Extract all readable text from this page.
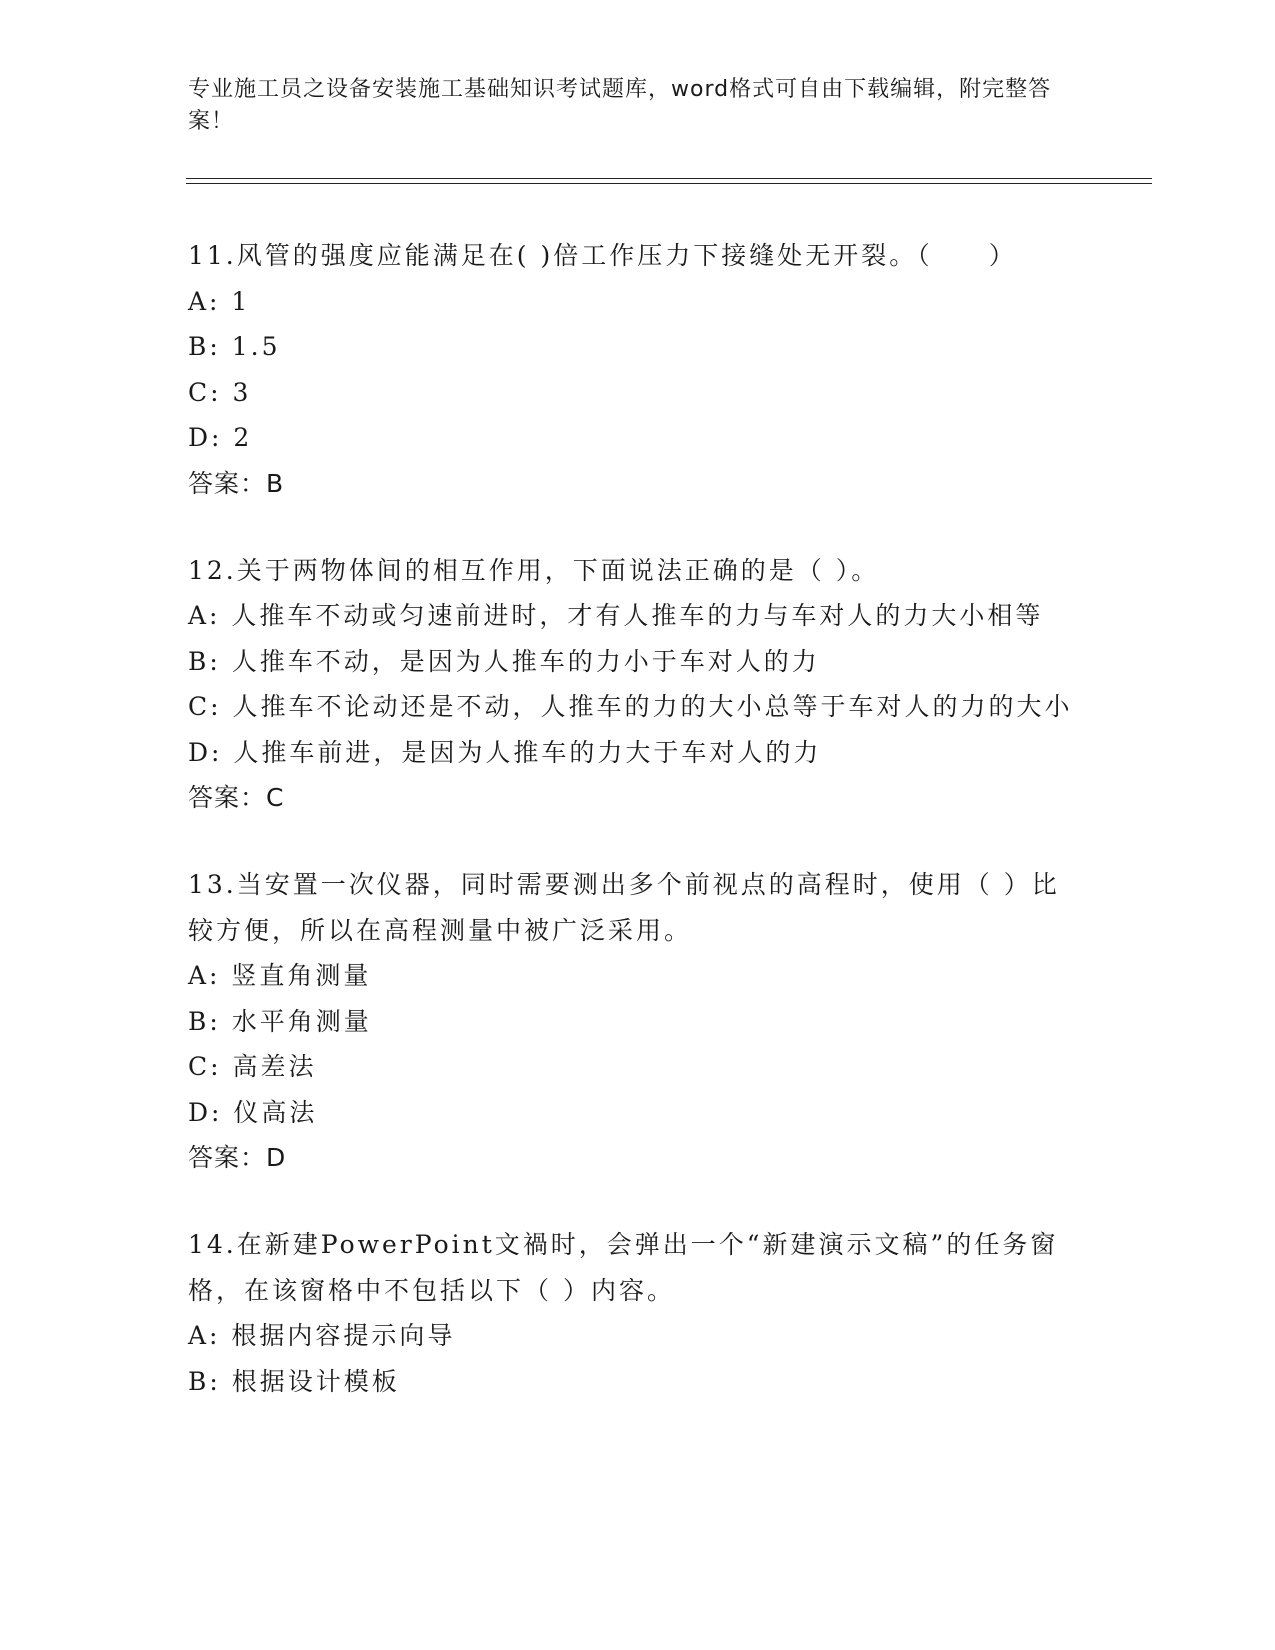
专业施工员之设备安装施工基础知识考试题库，word格式可自由下载编辑，附完整答案！
11.风管的强度应能满足在( )倍工作压力下接缝处无开裂。（　　）
A: 1
B: 1.5
C: 3
D: 2
答案：B
12.关于两物体间的相互作用，下面说法正确的是（ ）。
A: 人推车不动或匀速前进时，才有人推车的力与车对人的力大小相等
B: 人推车不动，是因为人推车的力小于车对人的力
C: 人推车不论动还是不动，人推车的力的大小总等于车对人的力的大小
D: 人推车前进，是因为人推车的力大于车对人的力
答案：C
13.当安置一次仪器，同时需要测出多个前视点的高程时，使用（ ）比较方便，所以在高程测量中被广泛采用。
A: 竖直角测量
B: 水平角测量
C: 高差法
D: 仪高法
答案：D
14.在新建PowerPoint文禍时，会弹出一个“新建演示文稿”的任务窗格，在该窗格中不包括以下（ ）内容。
A: 根据内容提示向导
B: 根据设计模板
